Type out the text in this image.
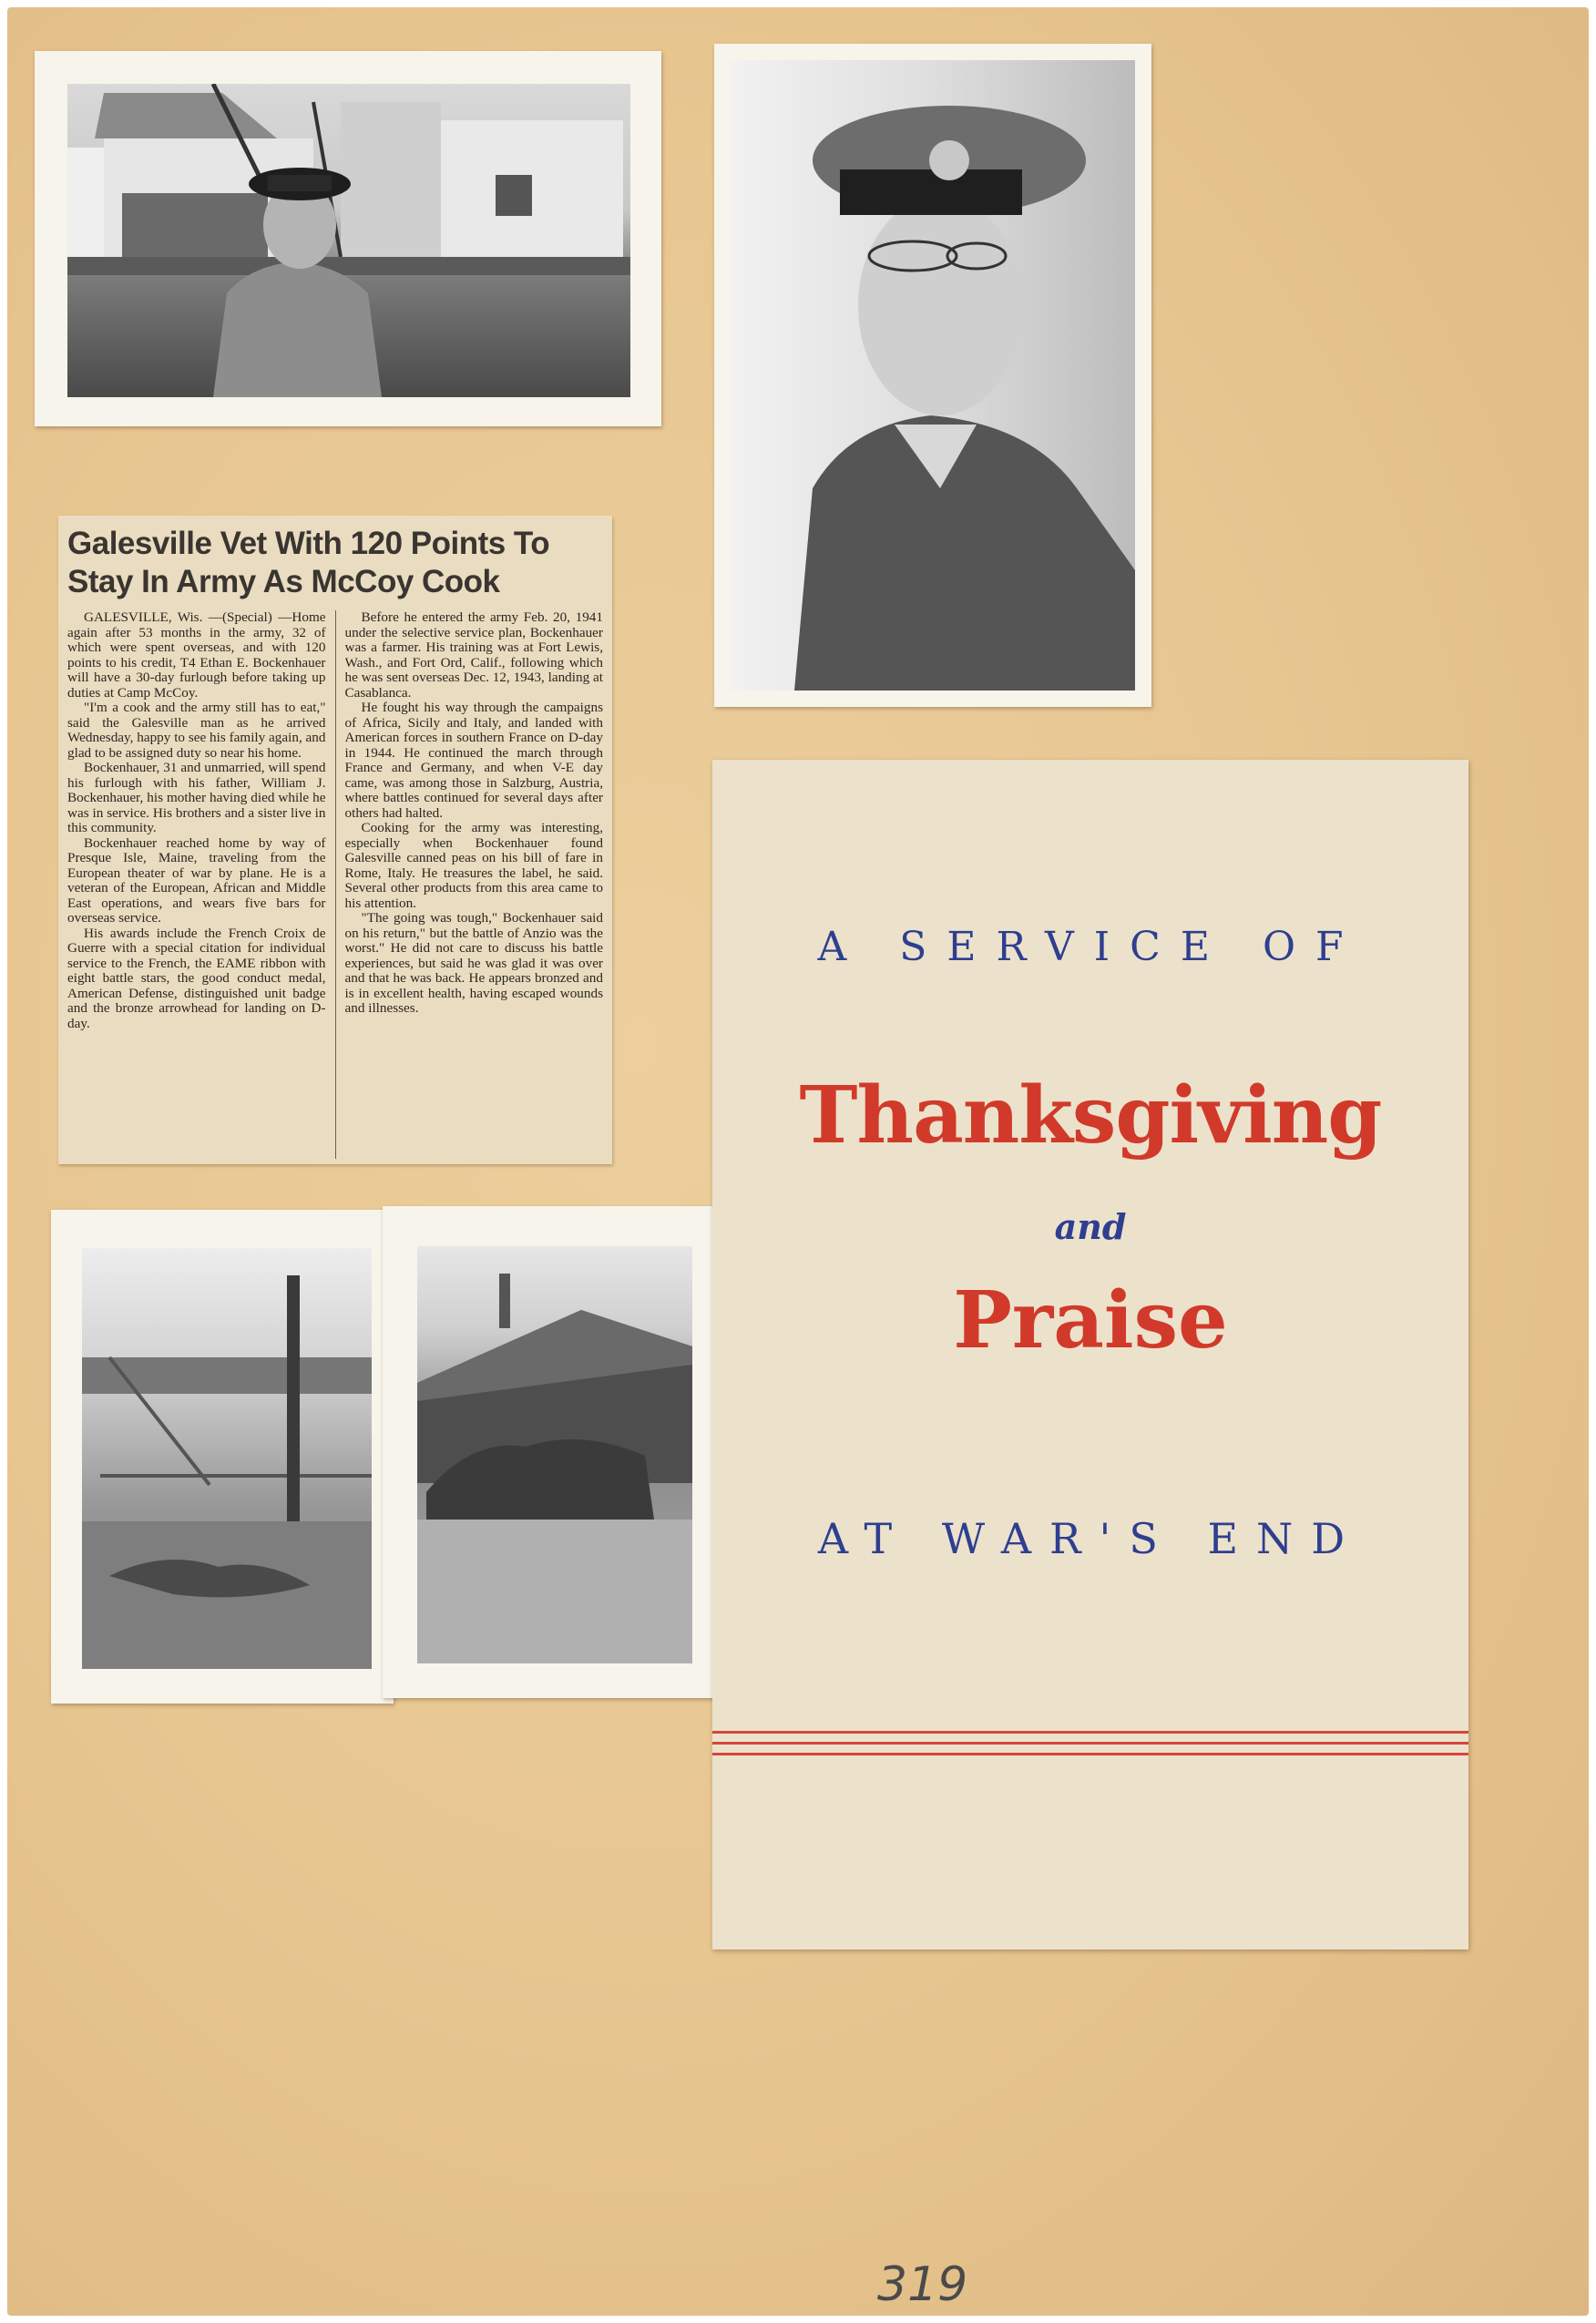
Galesville Vet With 120 Points To Stay In Army As McCoy Cook

GALESVILLE, Wis. —(Special) —Home again after 53 months in the army, 32 of which were spent overseas, and with 120 points to his credit, T4 Ethan E. Bockenhauer will have a 30-day furlough before taking up duties at Camp McCoy.

"I'm a cook and the army still has to eat," said the Galesville man as he arrived Wednesday, happy to see his family again, and glad to be assigned duty so near his home.

Bockenhauer, 31 and unmarried, will spend his furlough with his father, William J. Bockenhauer, his mother having died while he was in service. His brothers and a sister live in this community.

Bockenhauer reached home by way of Presque Isle, Maine, traveling from the European theater of war by plane. He is a veteran of the European, African and Middle East operations, and wears five bars for overseas service.

His awards include the French Croix de Guerre with a special citation for individual service to the French, the EAME ribbon with eight battle stars, the good conduct medal, American Defense, distinguished unit badge and the bronze arrowhead for landing on D-day.

Before he entered the army Feb. 20, 1941 under the selective service plan, Bockenhauer was a farmer. His training was at Fort Lewis, Wash., and Fort Ord, Calif., following which he was sent overseas Dec. 12, 1943, landing at Casablanca.

He fought his way through the campaigns of Africa, Sicily and Italy, and landed with American forces in southern France on D-day in 1944. He continued the march through France and Germany, and when V-E day came, was among those in Salzburg, Austria, where battles continued for several days after others had halted.

Cooking for the army was interesting, especially when Bockenhauer found Galesville canned peas on his bill of fare in Rome, Italy. He treasures the label, he said. Several other products from this area came to his attention.

"The going was tough," Bockenhauer said on his return," but the battle of Anzio was the worst." He did not care to discuss his battle experiences, but said he was glad it was over and that he was back. He appears bronzed and is in excellent health, having escaped wounds and illnesses.

A SERVICE OF
Thanksgiving
and
Praise
AT WAR'S END
319
